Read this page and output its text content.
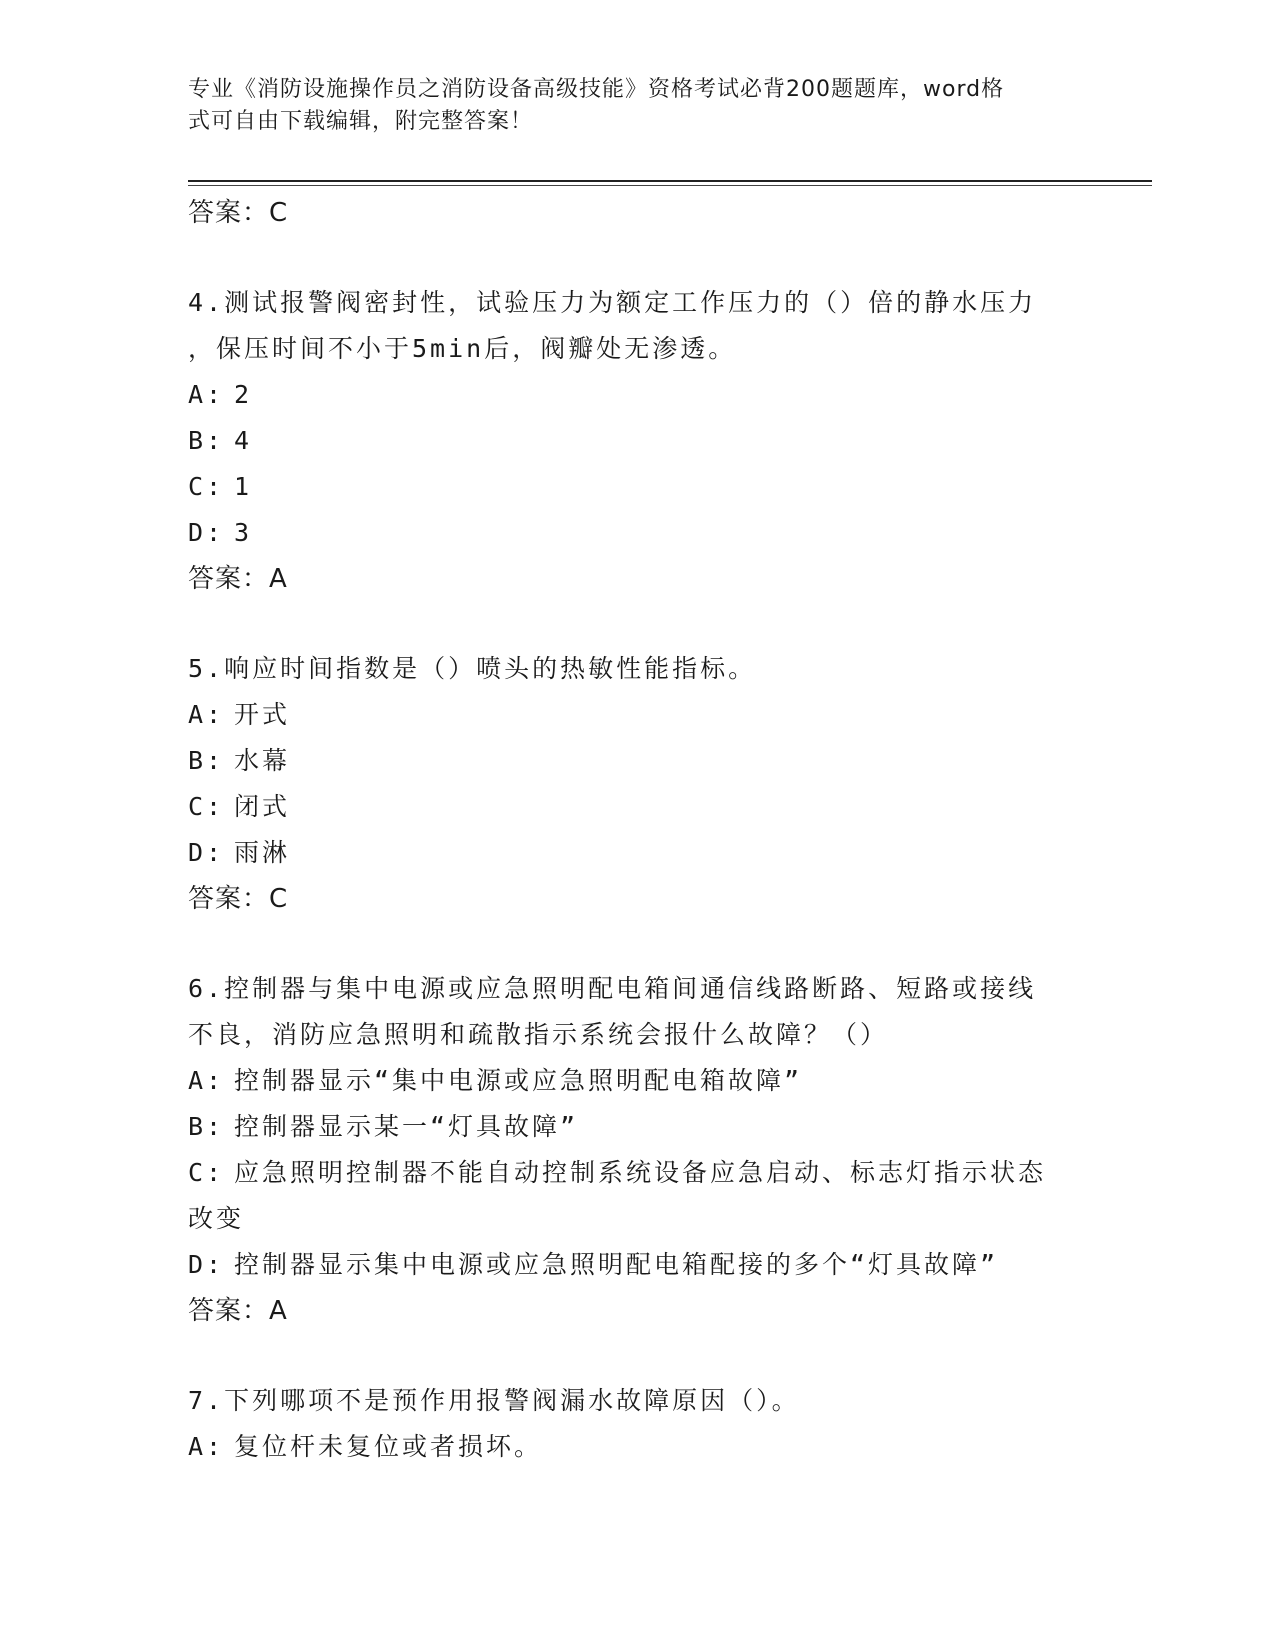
专业《消防设施操作员之消防设备高级技能》资格考试必背200题题库，word格
式可自由下载编辑，附完整答案！
答案：C
4.测试报警阀密封性，试验压力为额定工作压力的（）倍的静水压力
，保压时间不小于5min后，阀瓣处无渗透。
A: 2
B: 4
C: 1
D: 3
答案：A
5.响应时间指数是（）喷头的热敏性能指标。
A: 开式
B: 水幕
C: 闭式
D: 雨淋
答案：C
6.控制器与集中电源或应急照明配电箱间通信线路断路、短路或接线
不良，消防应急照明和疏散指示系统会报什么故障？（）
A: 控制器显示“集中电源或应急照明配电箱故障”
B: 控制器显示某一“灯具故障”
C: 应急照明控制器不能自动控制系统设备应急启动、标志灯指示状态
改变
D: 控制器显示集中电源或应急照明配电箱配接的多个“灯具故障”
答案：A
7.下列哪项不是预作用报警阀漏水故障原因（）。
A: 复位杆未复位或者损坏。
